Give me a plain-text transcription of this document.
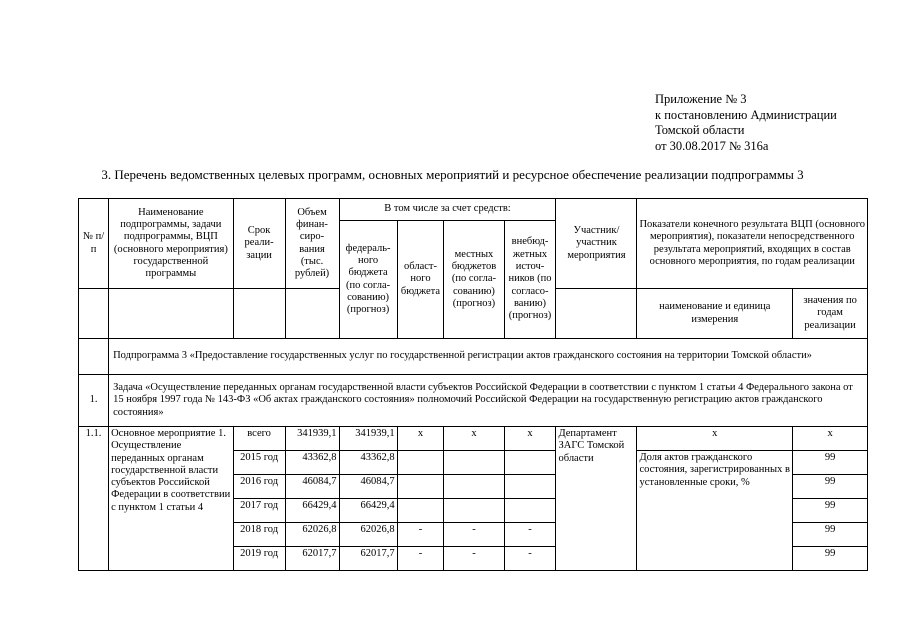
Приложение № 3
к постановлению Администрации
Томской области
от 30.08.2017 № 316а
3. Перечень ведомственных целевых программ, основных мероприятий и ресурсное обеспечение реализации подпрограммы 3
№ п/п	Наименование подпрограммы, задачи подпрограммы, ВЦП (основного мероприятия) государственной программы	Срок реали-зации	Объем финан-сиро-вания (тыс. рублей)	В том числе за счет средств:				Участник/ участник мероприятия	Показатели конечного результата ВЦП (основного мероприятия), показатели непосредственного результата мероприятий, входящих в состав основного мероприятия, по годам реализации	
				федераль-ного бюджета (по согла-сованию) (прогноз)	област-ного бюджета	местных бюджетов (по согла-сованию) (прогноз)	внебюд-жетных источ-ников (по согласо-ванию) (прогноз)			
									наименование и единица измерения	значения по годам реализации
	Подпрограмма 3 «Предоставление государственных услуг по государственной регистрации актов гражданского состояния на территории Томской области»									
1.	Задача «Осуществление переданных органам государственной власти субъектов Российской Федерации в соответствии с пунктом 1 статьи 4 Федерального закона от 15 ноября 1997 года № 143-ФЗ «Об актах гражданского состояния» полномочий Российской Федерации на государственную регистрацию актов гражданского состояния»									
1.1.	Основное мероприятие 1. Осуществление переданных органам государственной власти субъектов Российской Федерации в соответствии с пунктом 1 статьи 4	всего	341939,1	341939,1	х	х	х	Департамент ЗАГС Томской области	х	х
		2015 год	43362,8	43362,8					Доля актов гражданского состояния, зарегистрированных в установленные сроки, %	99
		2016 год	46084,7	46084,7						99
		2017 год	66429,4	66429,4						99
		2018 год	62026,8	62026,8	-	-	-			99
		2019 год	62017,7	62017,7	-	-	-			99
